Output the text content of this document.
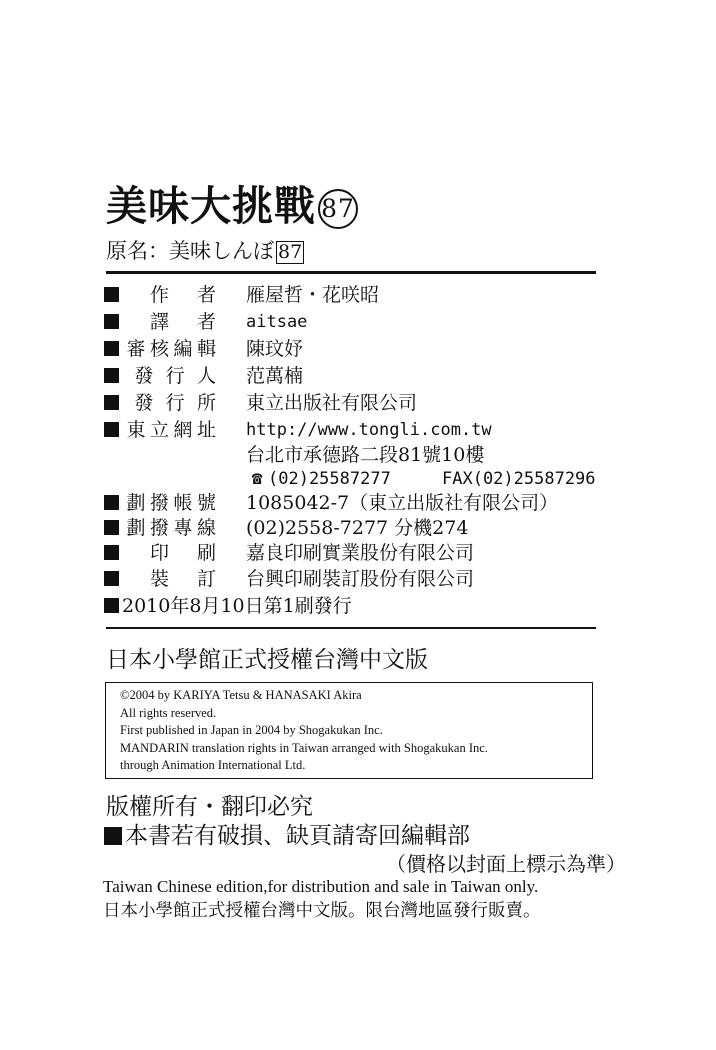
美味大挑戰 87
原名：美味しんぼ 87
作者 雁屋哲・花咲昭
譯者 aitsae
審核編輯 陳玟妤
發行人 范萬楠
發行所 東立出版社有限公司
東立網址 http://www.tongli.com.tw
台北市承德路二段81號10樓
☎ (02)25587277	FAX(02)25587296
劃撥帳號 1085042-7（東立出版社有限公司）
劃撥專線 (02)2558-7277 分機274
印刷 嘉良印刷實業股份有限公司
裝訂 台興印刷裝訂股份有限公司
2010年8月10日第1刷發行
日本小學館正式授權台灣中文版
©2004 by KARIYA Tetsu & HANASAKI Akira
All rights reserved.
First published in Japan in 2004 by Shogakukan Inc.
MANDARIN translation rights in Taiwan arranged with Shogakukan Inc.
through Animation International Ltd.
版權所有・翻印必究
本書若有破損、缺頁請寄回編輯部
（價格以封面上標示為準）
Taiwan Chinese edition,for distribution and sale in Taiwan only.
日本小學館正式授權台灣中文版。限台灣地區發行販賣。
